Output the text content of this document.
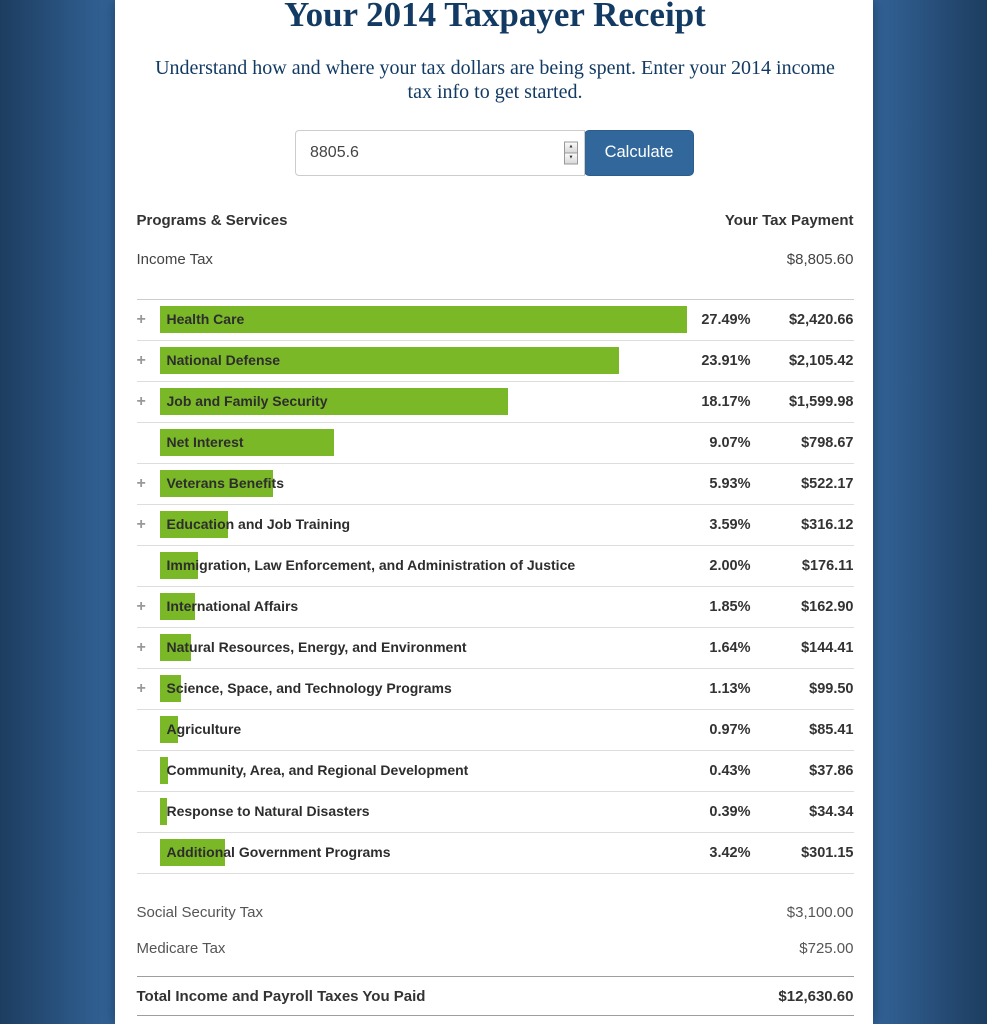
Your 2014 Taxpayer Receipt

Understand how and where your tax dollars are being spent. Enter your 2014 income tax info to get started.

8805.6
▲
▼	Calculate
Programs & Services	Your Tax Payment
Income Tax	$8,805.60
+	Health Care	27.49%	$2,420.66
+	National Defense	23.91%	$2,105.42
+	Job and Family Security	18.17%	$1,599.98
Net Interest	9.07%	$798.67
+	Veterans Benefits	5.93%	$522.17
+	Education and Job Training	3.59%	$316.12
Immigration, Law Enforcement, and Administration of Justice	2.00%	$176.11
+	International Affairs	1.85%	$162.90
+	Natural Resources, Energy, and Environment	1.64%	$144.41
+	Science, Space, and Technology Programs	1.13%	$99.50
Agriculture	0.97%	$85.41
Community, Area, and Regional Development	0.43%	$37.86
Response to Natural Disasters	0.39%	$34.34
Additional Government Programs	3.42%	$301.15
Social Security Tax	$3,100.00
Medicare Tax	$725.00
Total Income and Payroll Taxes You Paid	$12,630.60
